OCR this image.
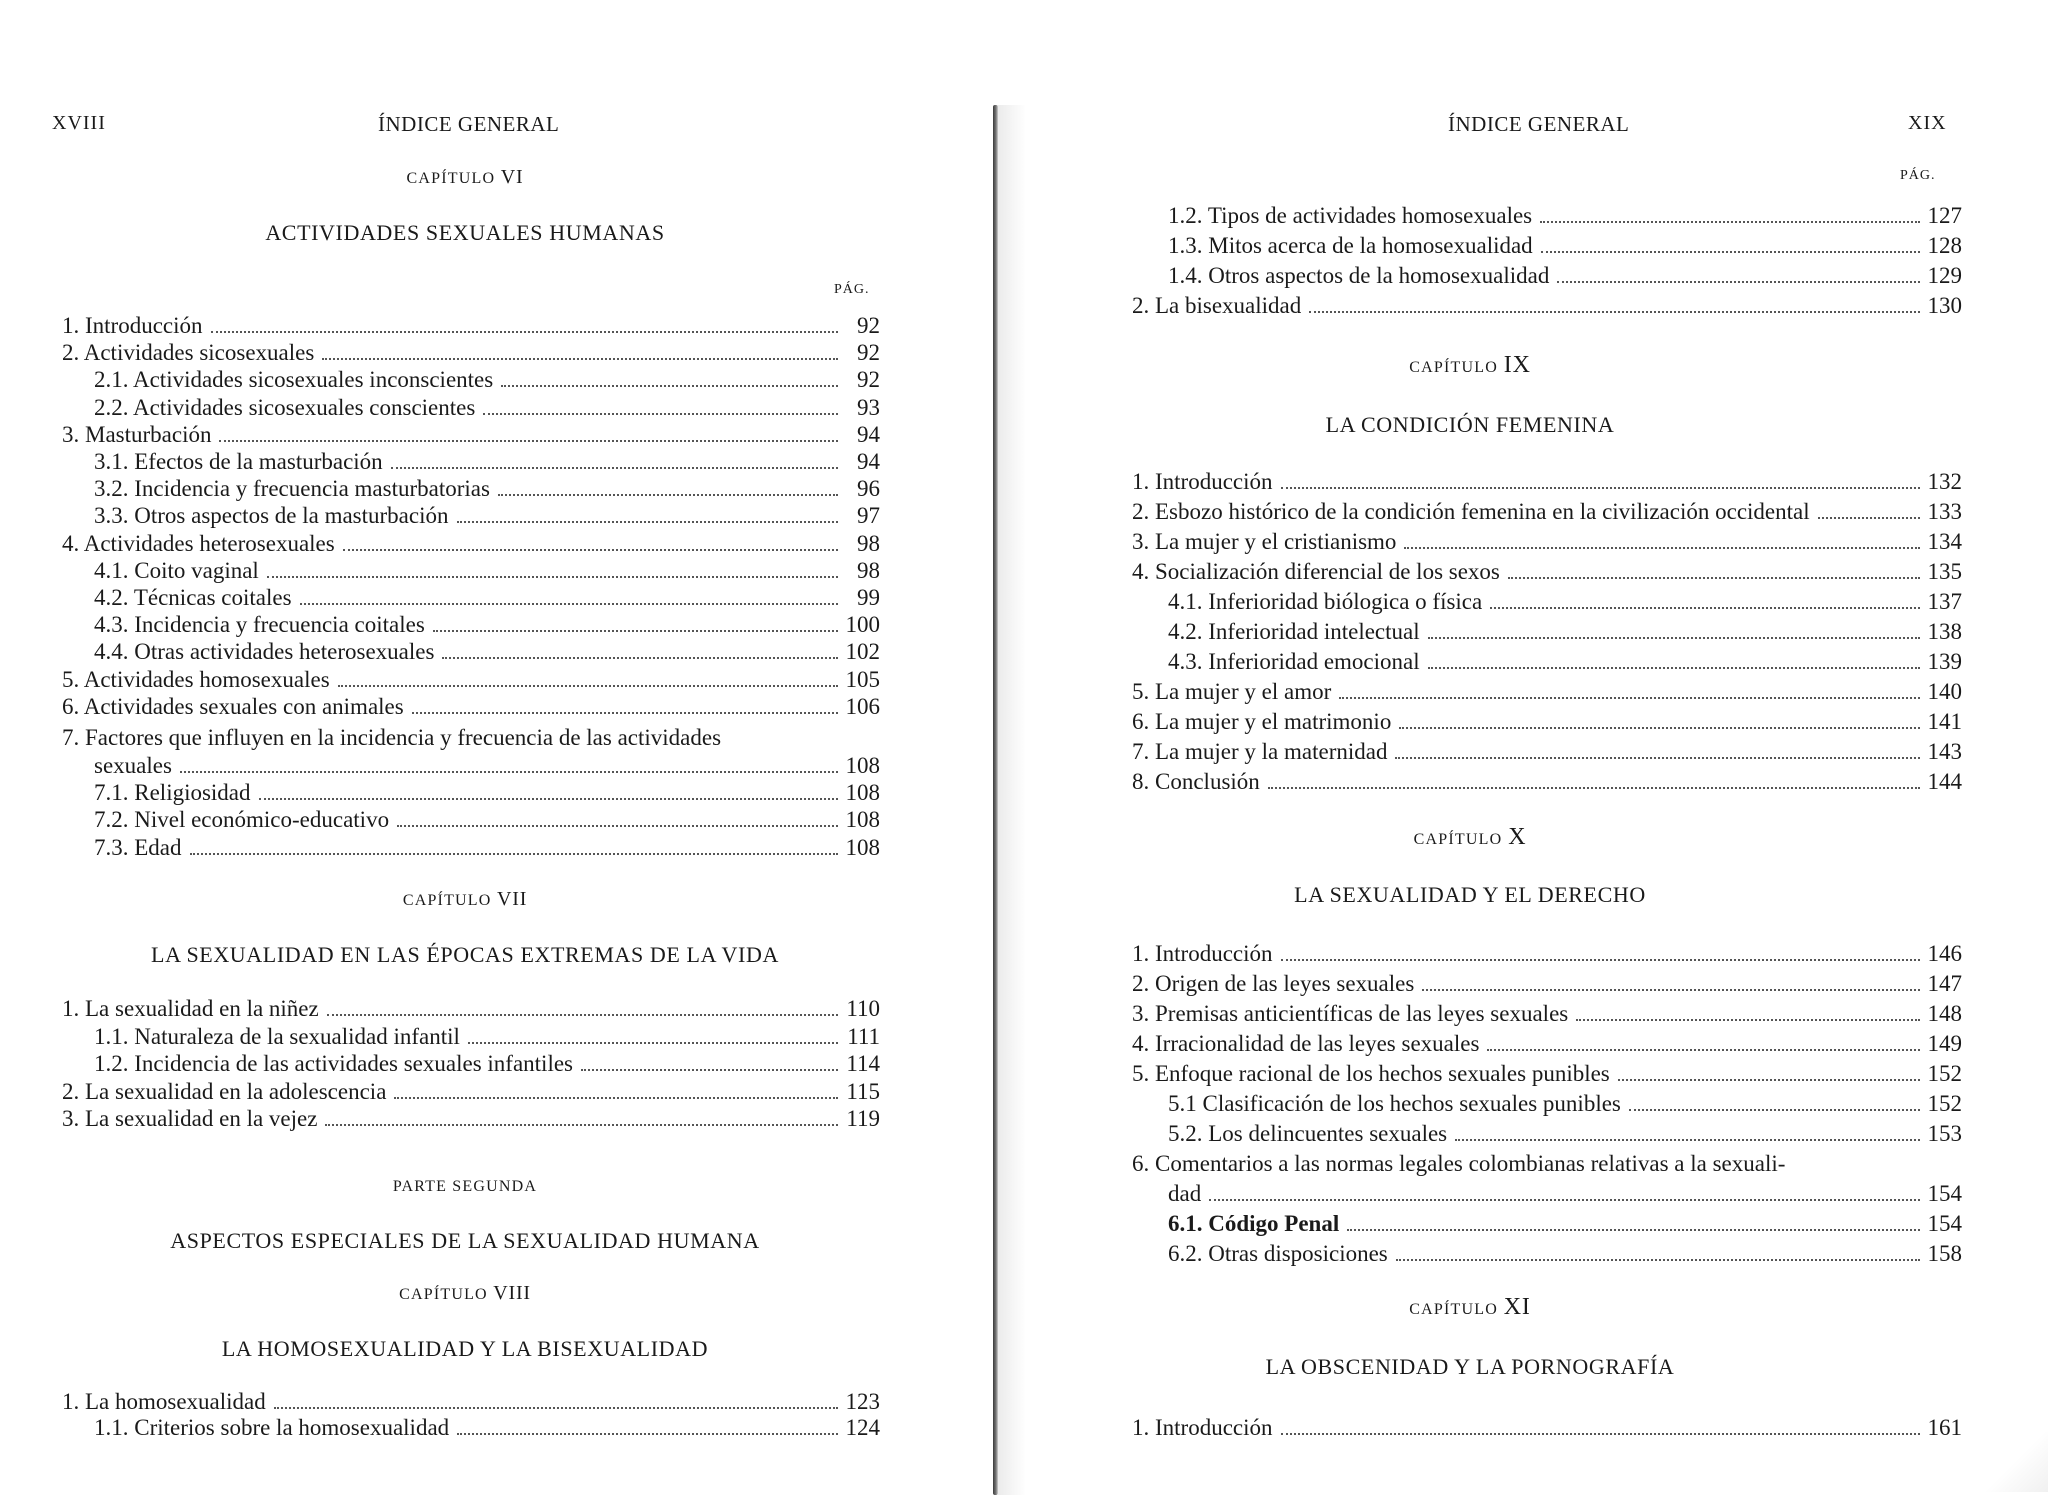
XVIII	ÍNDICE GENERAL
CAPÍTULO VI
ACTIVIDADES SEXUALES HUMANAS
PÁG.
1. Introducción	92
2. Actividades sicosexuales	92
2.1. Actividades sicosexuales inconscientes	92
2.2. Actividades sicosexuales conscientes	93
3. Masturbación	94
3.1. Efectos de la masturbación	94
3.2. Incidencia y frecuencia masturbatorias	96
3.3. Otros aspectos de la masturbación	97
4. Actividades heterosexuales	98
4.1. Coito vaginal	98
4.2. Técnicas coitales	99
4.3. Incidencia y frecuencia coitales	100
4.4. Otras actividades heterosexuales	102
5. Actividades homosexuales	105
6. Actividades sexuales con animales	106
7. Factores que influyen en la incidencia y frecuencia de las actividades
sexuales	108
7.1. Religiosidad	108
7.2. Nivel económico-educativo	108
7.3. Edad	108
CAPÍTULO VII
LA SEXUALIDAD EN LAS ÉPOCAS EXTREMAS DE LA VIDA
1. La sexualidad en la niñez	110
1.1. Naturaleza de la sexualidad infantil	111
1.2. Incidencia de las actividades sexuales infantiles	114
2. La sexualidad en la adolescencia	115
3. La sexualidad en la vejez	119
PARTE SEGUNDA
ASPECTOS ESPECIALES DE LA SEXUALIDAD HUMANA
CAPÍTULO VIII
LA HOMOSEXUALIDAD Y LA BISEXUALIDAD
1. La homosexualidad	123
1.1. Criterios sobre la homosexualidad	124
ÍNDICE GENERAL	XIX
PÁG.
1.2. Tipos de actividades homosexuales	127
1.3. Mitos acerca de la homosexualidad	128
1.4. Otros aspectos de la homosexualidad	129
2. La bisexualidad	130
CAPÍTULO IX
LA CONDICIÓN FEMENINA
1. Introducción	132
2. Esbozo histórico de la condición femenina en la civilización occidental	133
3. La mujer y el cristianismo	134
4. Socialización diferencial de los sexos	135
4.1. Inferioridad biólogica o física	137
4.2. Inferioridad intelectual	138
4.3. Inferioridad emocional	139
5. La mujer y el amor	140
6. La mujer y el matrimonio	141
7. La mujer y la maternidad	143
8. Conclusión	144
CAPÍTULO X
LA SEXUALIDAD Y EL DERECHO
1. Introducción	146
2. Origen de las leyes sexuales	147
3. Premisas anticientíficas de las leyes sexuales	148
4. Irracionalidad de las leyes sexuales	149
5. Enfoque racional de los hechos sexuales punibles	152
5.1 Clasificación de los hechos sexuales punibles	152
5.2. Los delincuentes sexuales	153
6. Comentarios a las normas legales colombianas relativas a la sexuali-
dad	154
6.1. Código Penal	154
6.2. Otras disposiciones	158
CAPÍTULO XI
LA OBSCENIDAD Y LA PORNOGRAFÍA
1. Introducción	161
